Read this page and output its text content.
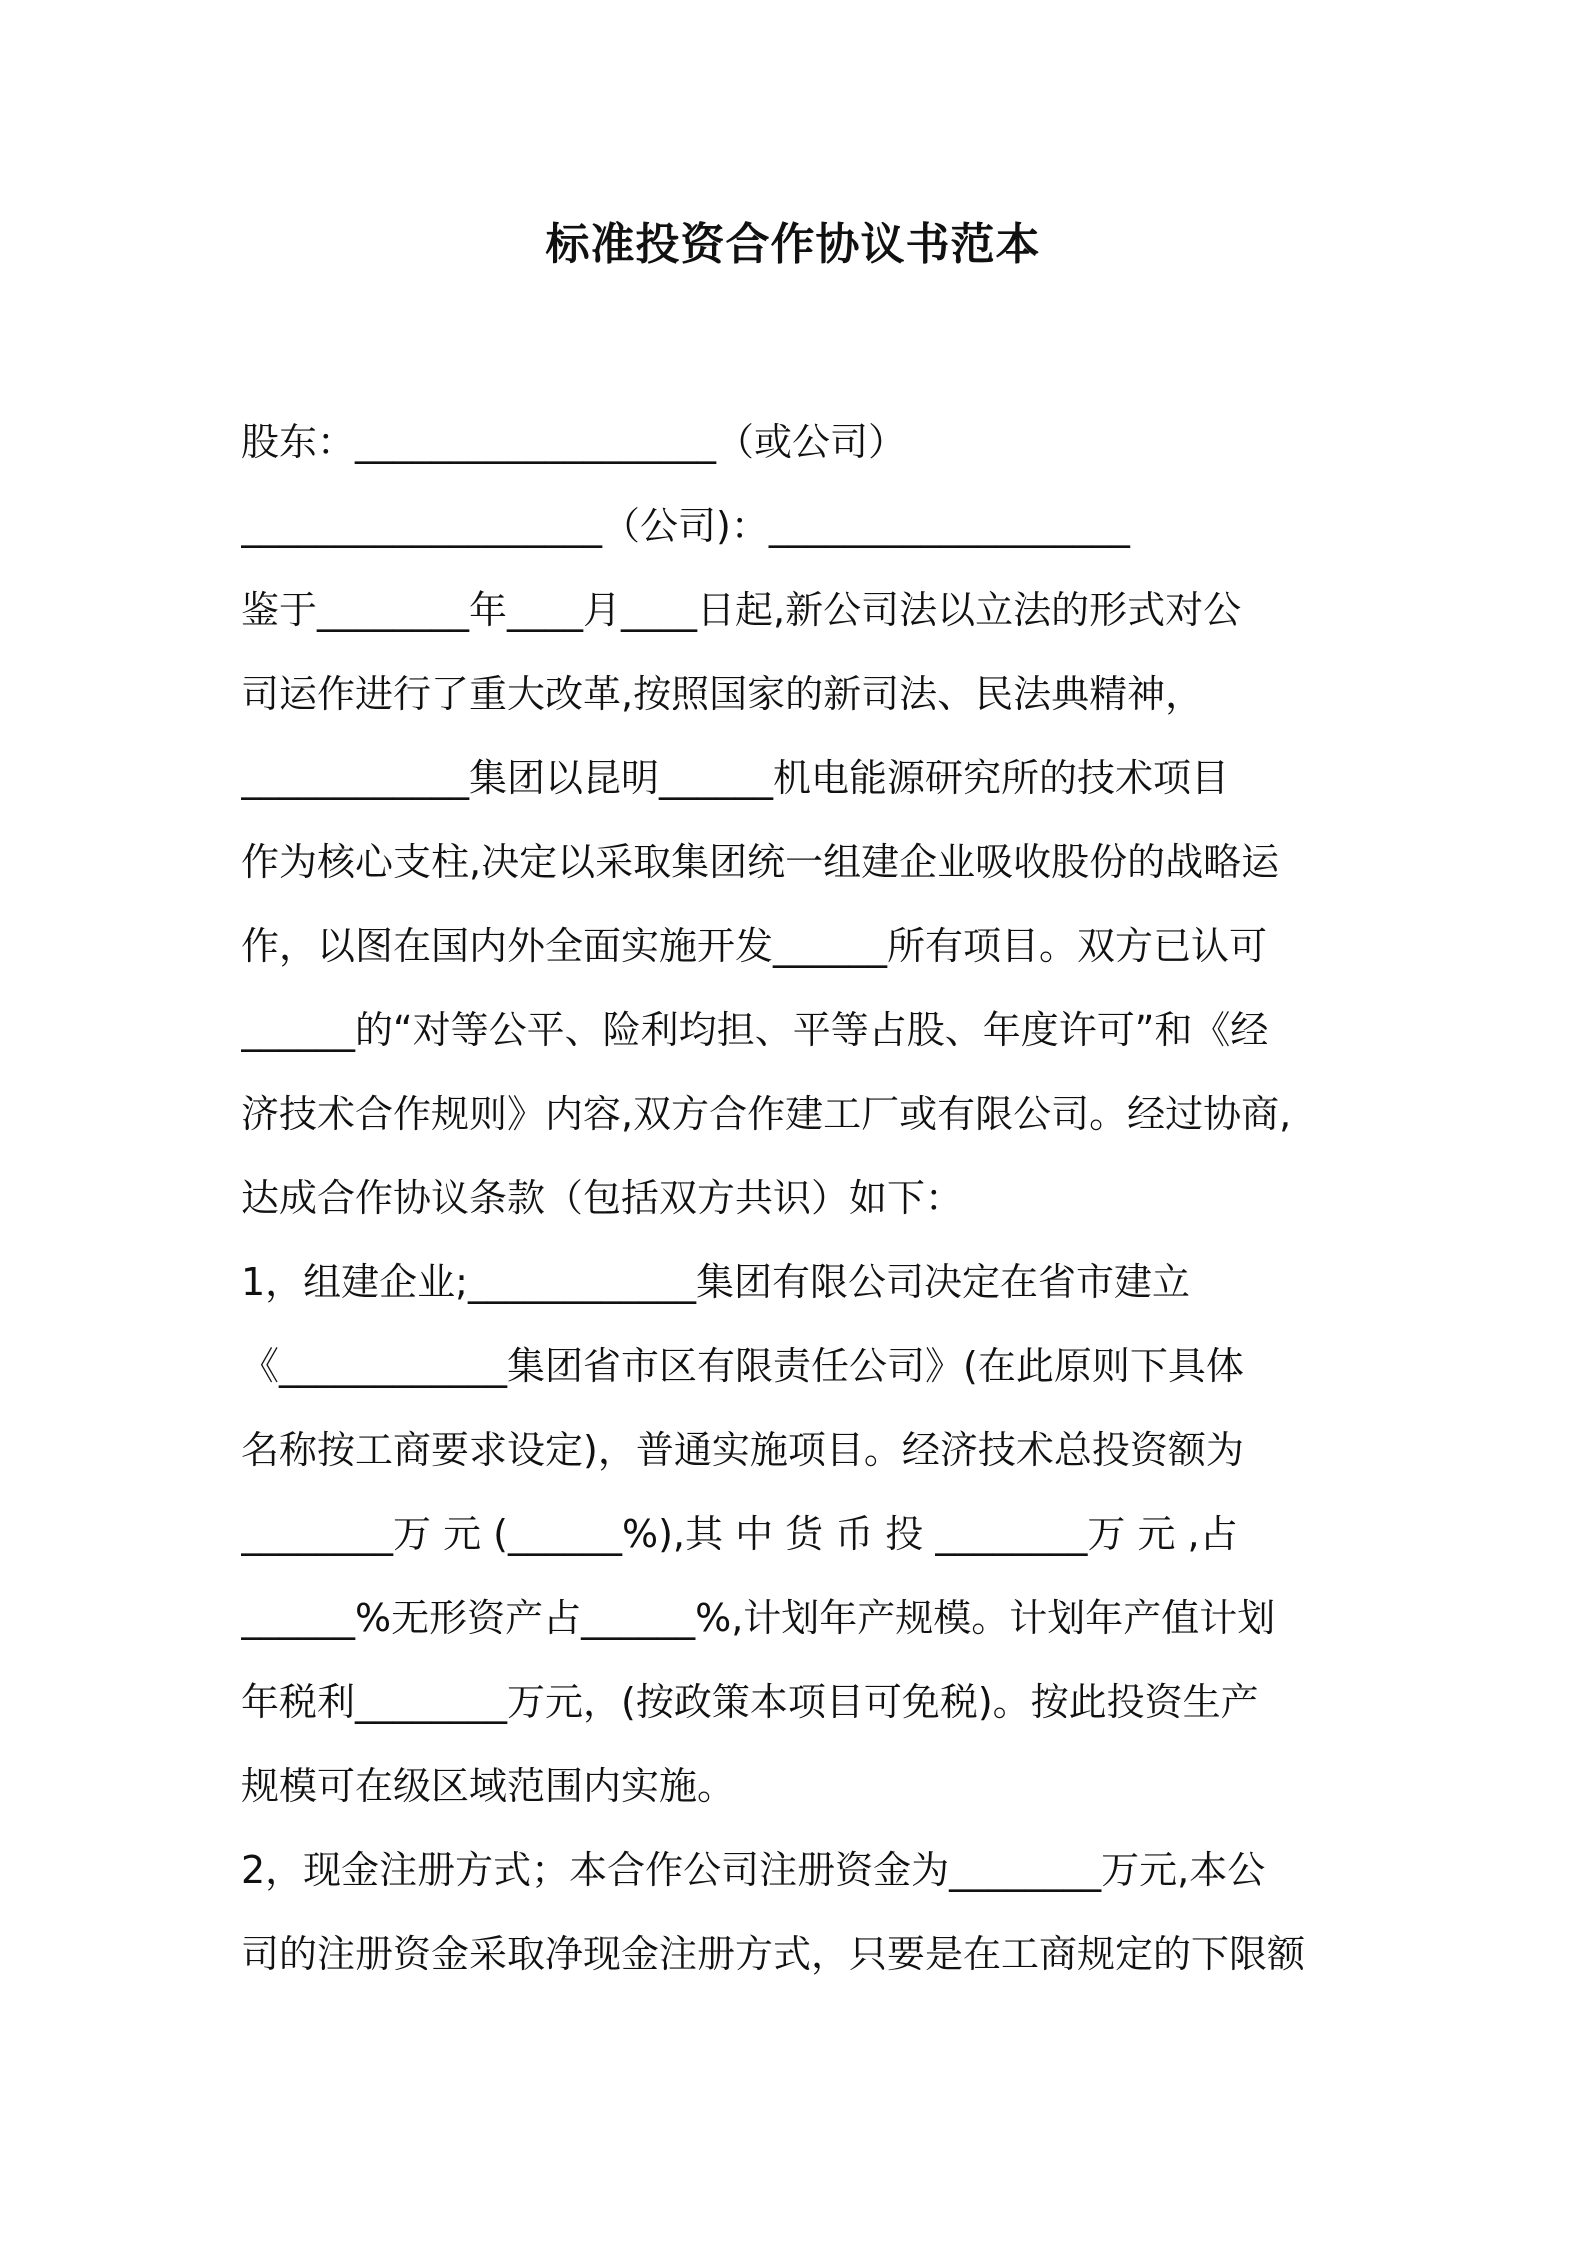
标准投资合作协议书范本
股东：___________________（或公司）
___________________（公司)：___________________
鉴于________年____月____日起,新公司法以立法的形式对公
司运作进行了重大改革,按照国家的新司法、民法典精神，
____________集团以昆明______机电能源研究所的技术项目
作为核心支柱,决定以采取集团统一组建企业吸收股份的战略运
作，以图在国内外全面实施开发______所有项目。双方已认可
______的“对等公平、险利均担、平等占股、年度许可”和《经
济技术合作规则》内容,双方合作建工厂或有限公司。经过协商,
达成合作协议条款（包括双方共识）如下：
1，组建企业;____________集团有限公司决定在省市建立
《____________集团省市区有限责任公司》(在此原则下具体
名称按工商要求设定)，普通实施项目。经济技术总投资额为
________万 元 (______%),其 中 货 币 投 ________万 元 ,占
______%无形资产占______%,计划年产规模。计划年产值计划
年税利________万元，(按政策本项目可免税)。按此投资生产
规模可在级区域范围内实施。
2，现金注册方式；本合作公司注册资金为________万元,本公
司的注册资金采取净现金注册方式，只要是在工商规定的下限额
